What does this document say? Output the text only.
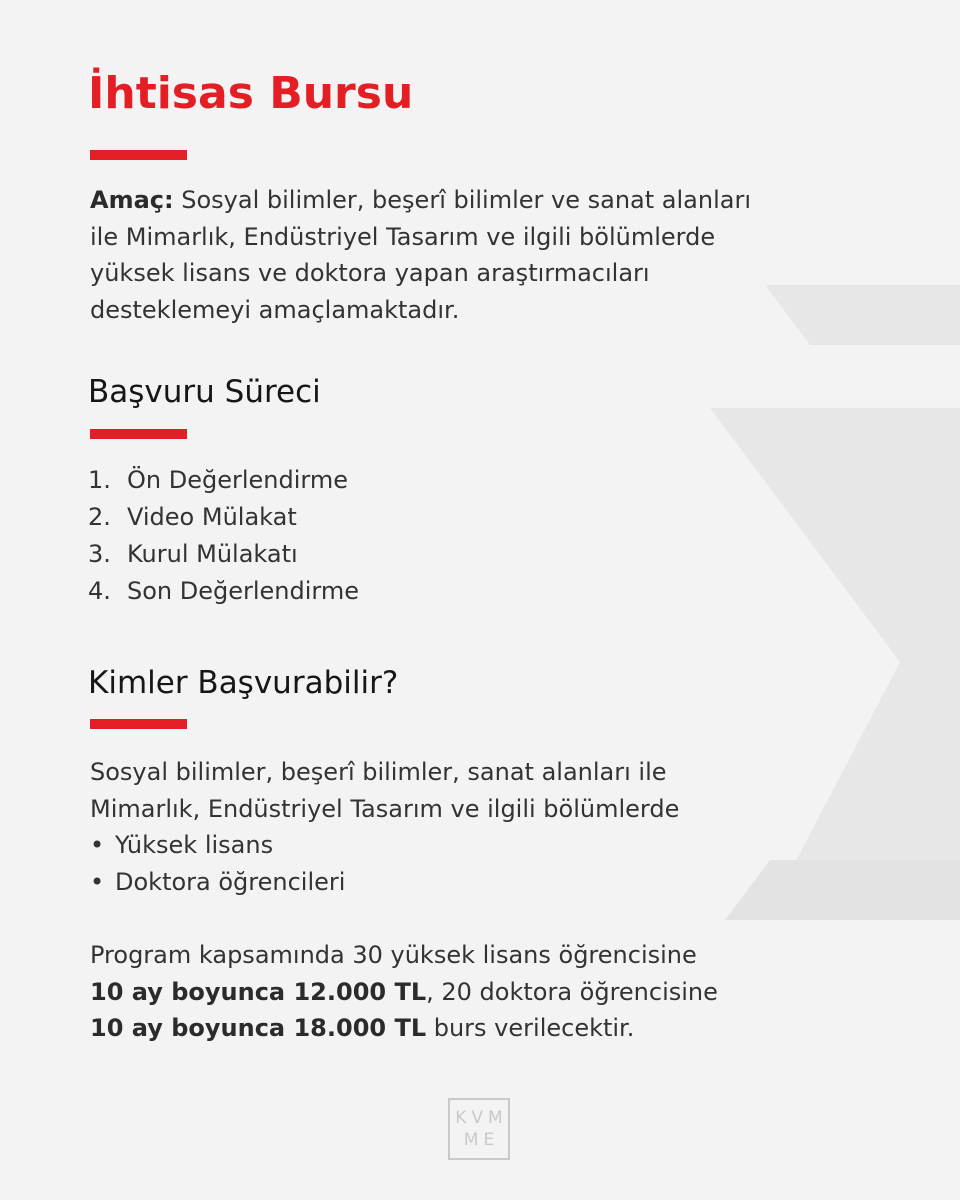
İhtisas Bursu

Amaç: Sosyal bilimler, beşerî bilimler ve sanat alanları
ile Mimarlık, Endüstriyel Tasarım ve ilgili bölümlerde
yüksek lisans ve doktora yapan araştırmacıları
desteklemeyi amaçlamaktadır.

Başvuru Süreci
1. Ön Değerlendirme
2. Video Mülakat
3. Kurul Mülakatı
4. Son Değerlendirme
Kimler Başvurabilir?

Sosyal bilimler, beşerî bilimler, sanat alanları ile
Mimarlık, Endüstriyel Tasarım ve ilgili bölümlerde

• Yüksek lisans
• Doktora öğrencileri

Program kapsamında 30 yüksek lisans öğrencisine
10 ay boyunca 12.000 TL, 20 doktora öğrencisine
10 ay boyunca 18.000 TL burs verilecektir.

KVM
ME
